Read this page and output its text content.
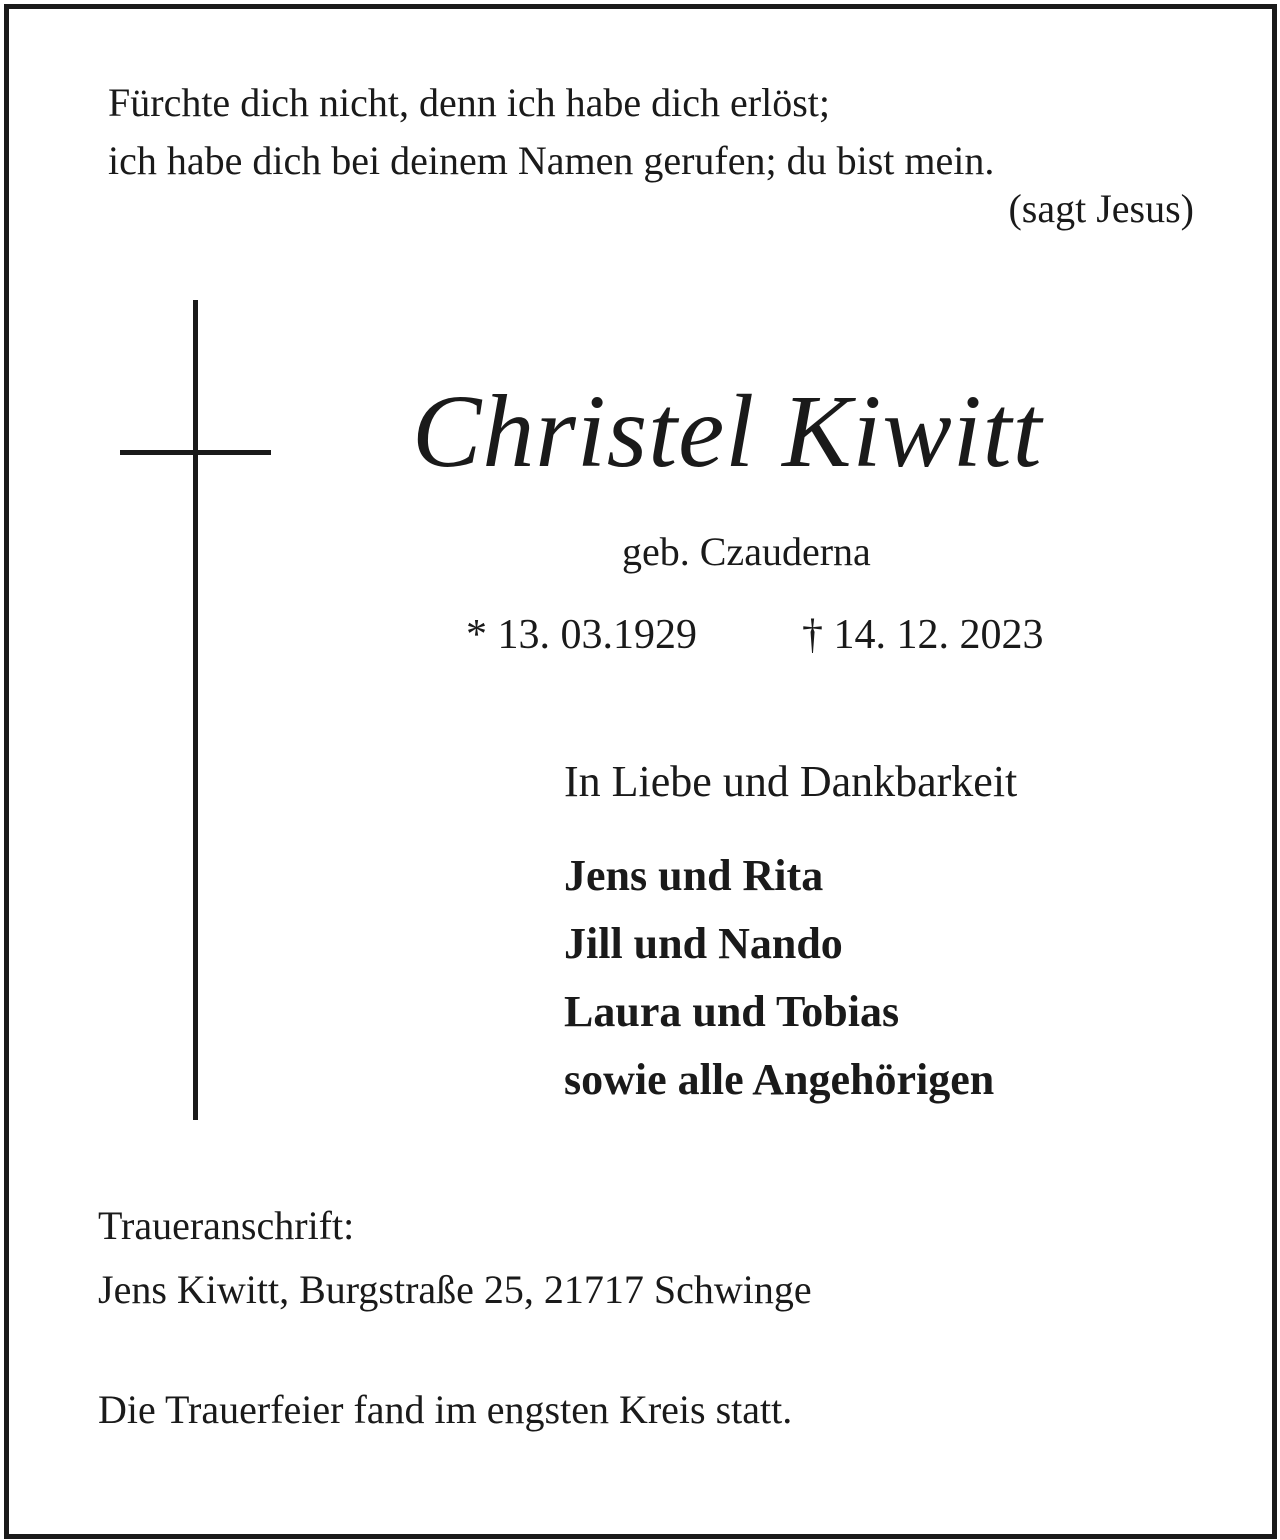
Fürchte dich nicht, denn ich habe dich erlöst;
ich habe dich bei deinem Namen gerufen; du bist mein.
(sagt Jesus)
Christel Kiwitt
geb. Czauderna
* 13. 03.1929	† 14. 12. 2023
In Liebe und Dankbarkeit
Jens und Rita
Jill und Nando
Laura und Tobias
sowie alle Angehörigen
Traueranschrift:
Jens Kiwitt, Burgstraße 25, 21717 Schwinge
Die Trauerfeier fand im engsten Kreis statt.
